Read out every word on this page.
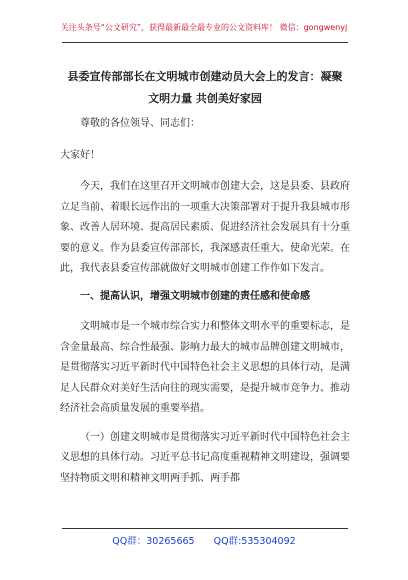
关注头条号“公文研究”，获得最新最全最专业的公文资料库！ 微信：gongwenyj
县委宣传部部长在文明城市创建动员大会上的发言：凝聚
文明力量 共创美好家园

尊敬的各位领导、同志们：

大家好！

今天，我们在这里召开文明城市创建大会，这是县委、县政府立足当前、着眼长远作出的一项重大决策部署对于提升我县城市形象、改善人居环境、提高居民素质、促进经济社会发展具有十分重要的意义。作为县委宣传部部长，我深感责任重大、使命光荣。在此，我代表县委宣传部就做好文明城市创建工作作如下发言。

一、提高认识，增强文明城市创建的责任感和使命感

文明城市是一个城市综合实力和整体文明水平的重要标志，是含金量最高、综合性最强、影响力最大的城市品牌创建文明城市，是贯彻落实习近平新时代中国特色社会主义思想的具体行动，是满足人民群众对美好生活向往的现实需要，是提升城市竞争力、推动经济社会高质量发展的重要举措。

（一）创建文明城市是贯彻落实习近平新时代中国特色社会主义思想的具体行动。习近平总书记高度重视精神文明建设，强调要坚持物质文明和精神文明两手抓、两手都

QQ群：30265665 QQ群:535304092
